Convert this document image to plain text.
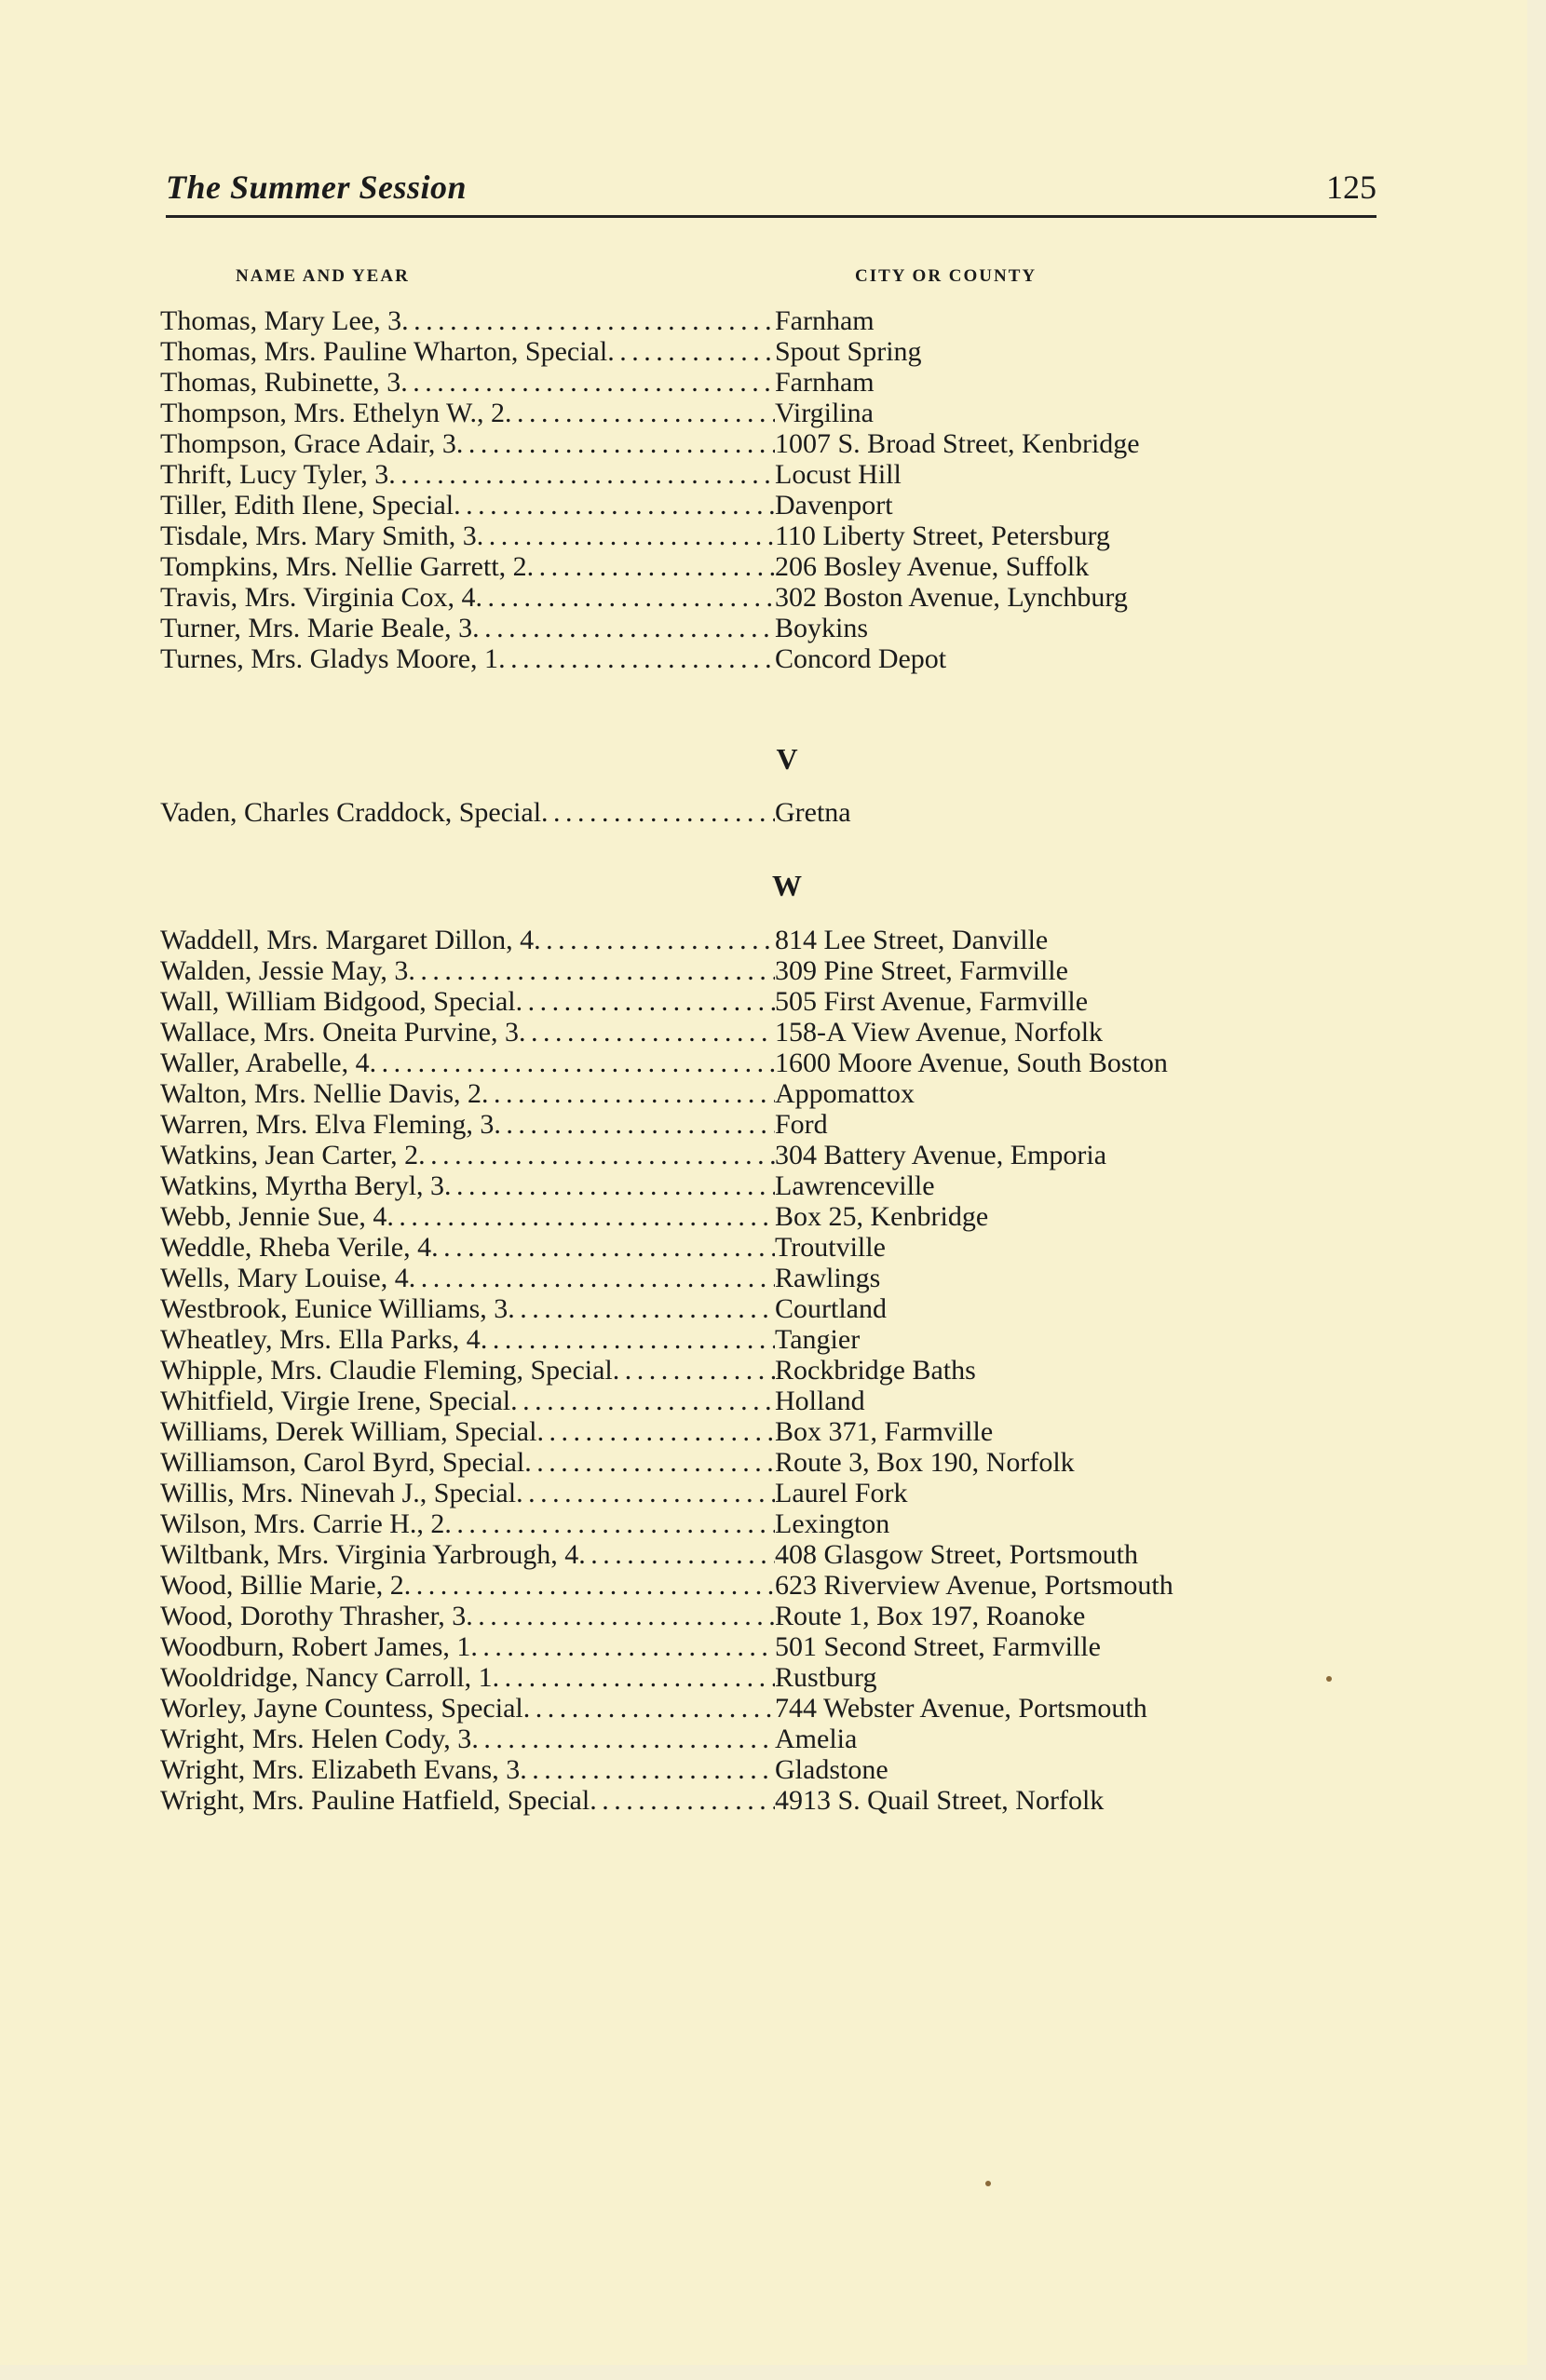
The Summer Session	125
NAME AND YEAR	CITY OR COUNTY
Thomas, Mary Lee, 3 . . .	Farnham
Thomas, Mrs. Pauline Wharton, Special . . .	Spout Spring
Thomas, Rubinette, 3 . . .	Farnham
Thompson, Mrs. Ethelyn W., 2 . . .	Virgilina
Thompson, Grace Adair, 3 . . .	1007 S. Broad Street, Kenbridge
Thrift, Lucy Tyler, 3 . . .	Locust Hill
Tiller, Edith Ilene, Special . . .	Davenport
Tisdale, Mrs. Mary Smith, 3 . . .	110 Liberty Street, Petersburg
Tompkins, Mrs. Nellie Garrett, 2 . . .	206 Bosley Avenue, Suffolk
Travis, Mrs. Virginia Cox, 4 . . .	302 Boston Avenue, Lynchburg
Turner, Mrs. Marie Beale, 3 . . .	Boykins
Turnes, Mrs. Gladys Moore, 1 . . .	Concord Depot
V
Vaden, Charles Craddock, Special . . .	Gretna
W
Waddell, Mrs. Margaret Dillon, 4 . . .	814 Lee Street, Danville
Walden, Jessie May, 3 . . .	309 Pine Street, Farmville
Wall, William Bidgood, Special . . .	505 First Avenue, Farmville
Wallace, Mrs. Oneita Purvine, 3 . . .	158-A View Avenue, Norfolk
Waller, Arabelle, 4 . . .	1600 Moore Avenue, South Boston
Walton, Mrs. Nellie Davis, 2 . . .	Appomattox
Warren, Mrs. Elva Fleming, 3 . . .	Ford
Watkins, Jean Carter, 2 . . .	304 Battery Avenue, Emporia
Watkins, Myrtha Beryl, 3 . . .	Lawrenceville
Webb, Jennie Sue, 4 . . .	Box 25, Kenbridge
Weddle, Rheba Verile, 4 . . .	Troutville
Wells, Mary Louise, 4 . . .	Rawlings
Westbrook, Eunice Williams, 3 . . .	Courtland
Wheatley, Mrs. Ella Parks, 4 . . .	Tangier
Whipple, Mrs. Claudie Fleming, Special . . .	Rockbridge Baths
Whitfield, Virgie Irene, Special . . .	Holland
Williams, Derek William, Special . . .	Box 371, Farmville
Williamson, Carol Byrd, Special . . .	Route 3, Box 190, Norfolk
Willis, Mrs. Ninevah J., Special . . .	Laurel Fork
Wilson, Mrs. Carrie H., 2 . . .	Lexington
Wiltbank, Mrs. Virginia Yarbrough, 4 . . .	408 Glasgow Street, Portsmouth
Wood, Billie Marie, 2 . . .	623 Riverview Avenue, Portsmouth
Wood, Dorothy Thrasher, 3 . . .	Route 1, Box 197, Roanoke
Woodburn, Robert James, 1 . . .	501 Second Street, Farmville
Wooldridge, Nancy Carroll, 1 . . .	Rustburg
Worley, Jayne Countess, Special . . .	744 Webster Avenue, Portsmouth
Wright, Mrs. Helen Cody, 3 . . .	Amelia
Wright, Mrs. Elizabeth Evans, 3 . . .	Gladstone
Wright, Mrs. Pauline Hatfield, Special . . .	4913 S. Quail Street, Norfolk
